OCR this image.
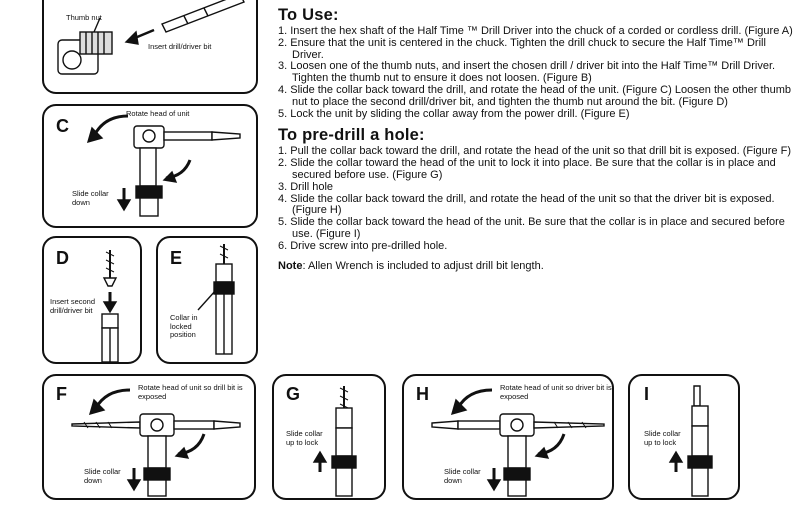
Thumb nut
Insert drill/driver bit
C
Rotate head of unit
Slide collar down
D
Insert second drill/driver bit
E
Collar in locked position
F	Rotate head of unit so drill bit is exposed
Slide collar down
G
Slide collar up to lock
H	Rotate head of unit so driver bit is exposed
Slide collar down
I
Slide collar up to lock
To Use:
1. Insert the hex shaft of the Half Time ™ Drill Driver into the chuck of a corded or cordless drill. (Figure A)
2. Ensure that the unit is centered in the chuck. Tighten the drill chuck to secure the Half Time™ Drill Driver.
3. Loosen one of the thumb nuts, and insert the chosen drill / driver bit into the Half Time™ Drill Driver. Tighten the thumb nut to ensure it does not loosen. (Figure B)
4. Slide the collar back toward the drill, and rotate the head of the unit. (Figure C) Loosen the other thumb nut to place the second drill/driver bit, and tighten the thumb nut around the bit. (Figure D)
5. Lock the unit by sliding the collar away from the power drill. (Figure E)
To pre-drill a hole:
1. Pull the collar back toward the drill, and rotate the head of the unit so that drill bit is exposed. (Figure F)
2. Slide the collar toward the head of the unit to lock it into place. Be sure that the collar is in place and secured before use. (Figure G)
3. Drill hole
4. Slide the collar back toward the drill, and rotate the head of the unit so that the driver bit is exposed. (Figure H)
5. Slide the collar back toward the head of the unit. Be sure that the collar is in place and secured before use. (Figure I)
6. Drive screw into pre-drilled hole.
Note: Allen Wrench is included to adjust drill bit length.
